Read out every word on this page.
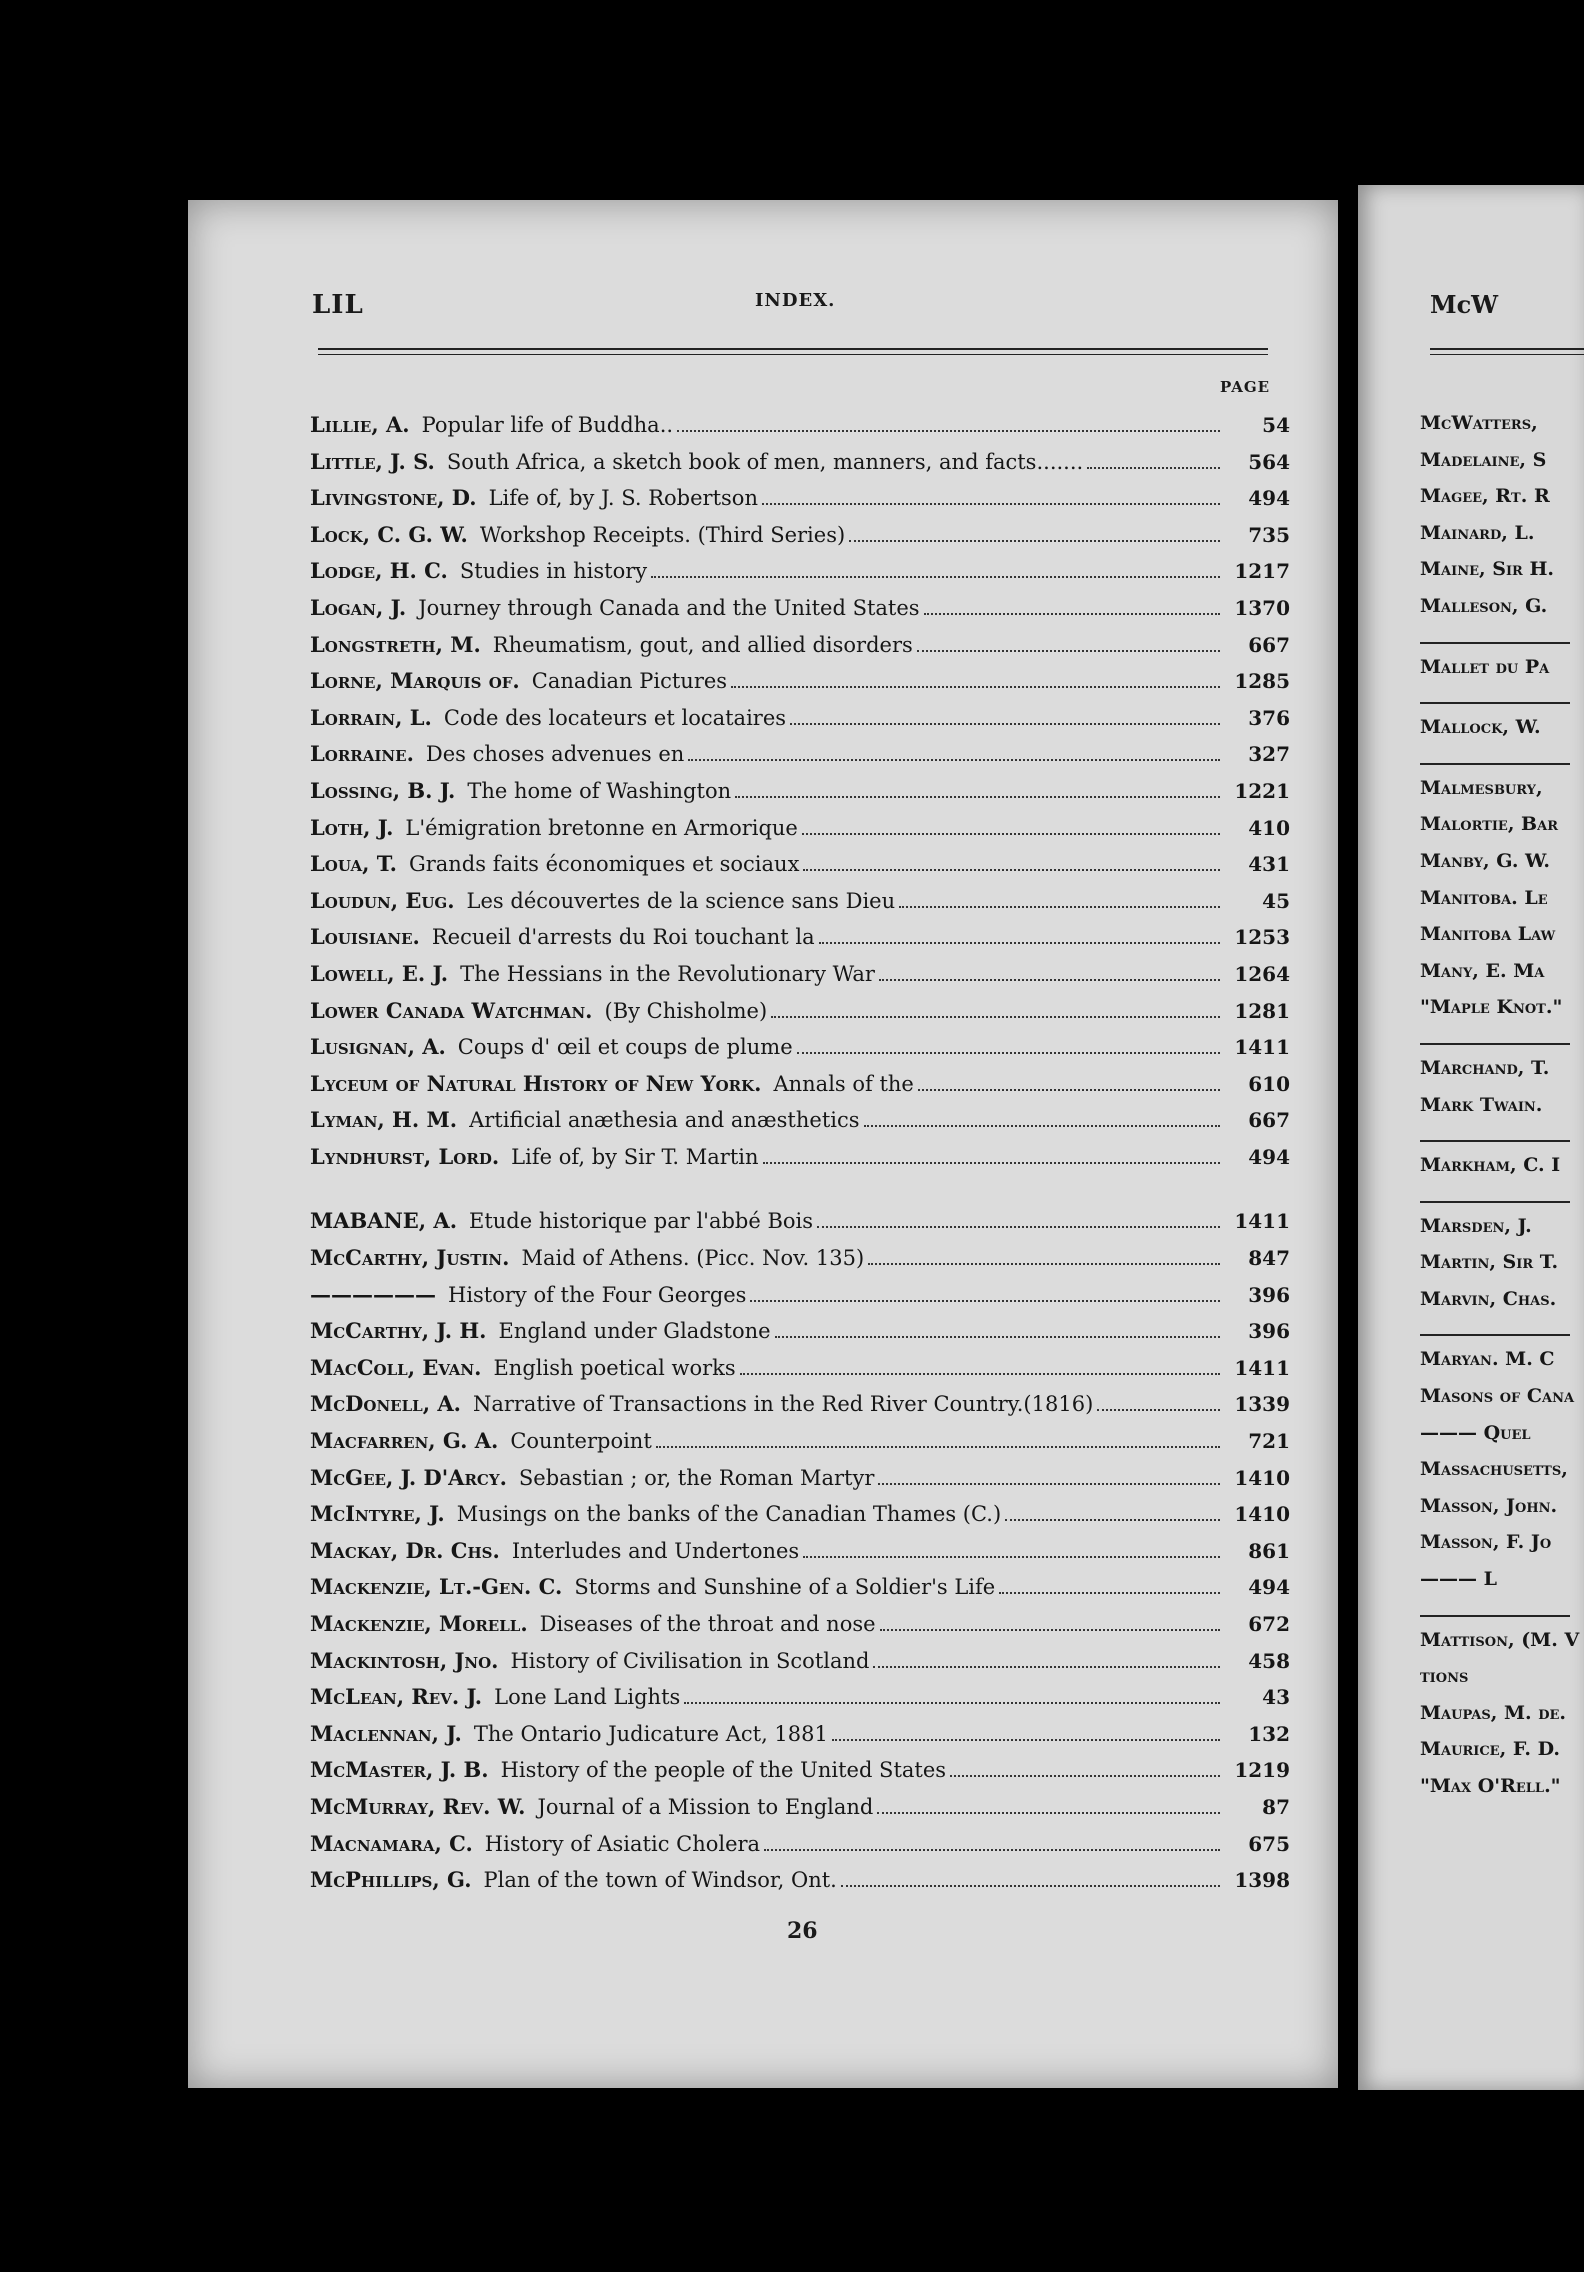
LIL	INDEX.	McW
PAGE
Lillie, A. Popular life of Buddha..	54
Little, J. S. South Africa, a sketch book of men, manners, and facts.......	564
Livingstone, D. Life of, by J. S. Robertson	494
Lock, C. G. W. Workshop Receipts. (Third Series)	735
Lodge, H. C. Studies in history	1217
Logan, J. Journey through Canada and the United States	1370
Longstreth, M. Rheumatism, gout, and allied disorders	667
Lorne, Marquis of. Canadian Pictures	1285
Lorrain, L. Code des locateurs et locataires	376
Lorraine. Des choses advenues en	327
Lossing, B. J. The home of Washington	1221
Loth, J. L'émigration bretonne en Armorique	410
Loua, T. Grands faits économiques et sociaux	431
Loudun, Eug. Les découvertes de la science sans Dieu	45
Louisiane. Recueil d'arrests du Roi touchant la	1253
Lowell, E. J. The Hessians in the Revolutionary War	1264
Lower Canada Watchman. (By Chisholme)	1281
Lusignan, A. Coups d' œil et coups de plume	1411
Lyceum of Natural History of New York. Annals of the	610
Lyman, H. M. Artificial anæthesia and anæsthetics	667
Lyndhurst, Lord. Life of, by Sir T. Martin	494
MABANE, A. Etude historique par l'abbé Bois	1411
McCarthy, Justin. Maid of Athens. (Picc. Nov. 135)	847
—————— History of the Four Georges	396
McCarthy, J. H. England under Gladstone	396
MacColl, Evan. English poetical works	1411
McDonell, A. Narrative of Transactions in the Red River Country.(1816)	1339
Macfarren, G. A. Counterpoint	721
McGee, J. D'Arcy. Sebastian ; or, the Roman Martyr	1410
McIntyre, J. Musings on the banks of the Canadian Thames (C.)	1410
Mackay, Dr. Chs. Interludes and Undertones	861
Mackenzie, Lt.-Gen. C. Storms and Sunshine of a Soldier's Life	494
Mackenzie, Morell. Diseases of the throat and nose	672
Mackintosh, Jno. History of Civilisation in Scotland	458
McLean, Rev. J. Lone Land Lights	43
Maclennan, J. The Ontario Judicature Act, 1881	132
McMaster, J. B. History of the people of the United States	1219
McMurray, Rev. W. Journal of a Mission to England	87
Macnamara, C. History of Asiatic Cholera	675
McPhillips, G. Plan of the town of Windsor, Ont.	1398
26
McWatters,
Madelaine, S
Magee, Rt. R
Mainard, L.
Maine, Sir H.
Malleson, G.
Mallet du Pa
Mallock, W.
Malmesbury,
Malortie, Bar
Manby, G. W.
Manitoba. Le
Manitoba Law
Many, E. Ma
"Maple Knot."
Marchand, T.
Mark Twain.
Markham, C. I
Marsden, J.
Martin, Sir T.
Marvin, Chas.
Maryan. M. C
Masons of Cana
——— Quel
Massachusetts,
Masson, John.
Masson, F. Jo
——— L
Mattison, (M. V
tions
Maupas, M. de.
Maurice, F. D.
"Max O'Rell."
